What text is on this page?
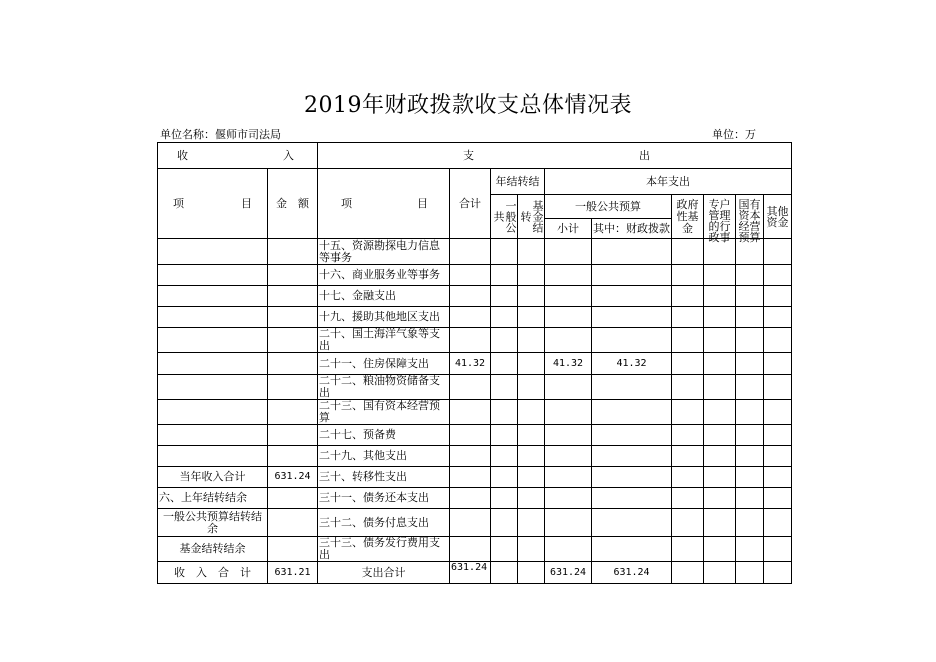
2019年财政拨款收支总体情况表
单位名称：偃师市司法局	单位：万
收 入		支 出									

项 目	金　额	项 目	合计	年结转结		本年支出					

				一般公共	基金结转	一般公共预算		政府性基金	专户管理的行政事	国有资本经营预算	其他资金

						小计	其中：财政拨款				

		十五、资源勘探电力信息等事务									

		十六、商业服务业等事务									

		十七、金融支出									

		十九、援助其他地区支出									

		二十、国土海洋气象等支出									

		二十一、住房保障支出	41.32			41.32	41.32				

		二十二、粮油物资储备支出									

		二十三、国有资本经营预算									

		二十七、预备费									

		二十九、其他支出									

当年收入合计	631.24	三十、转移性支出									

六、上年结转结余		三十一、债务还本支出									

一般公共预算结转结余		三十二、债务付息支出									

基金结转结余		三十三、债务发行费用支出									

收　入　合　计	631.21	支出合计	631.24			631.24	631.24				
